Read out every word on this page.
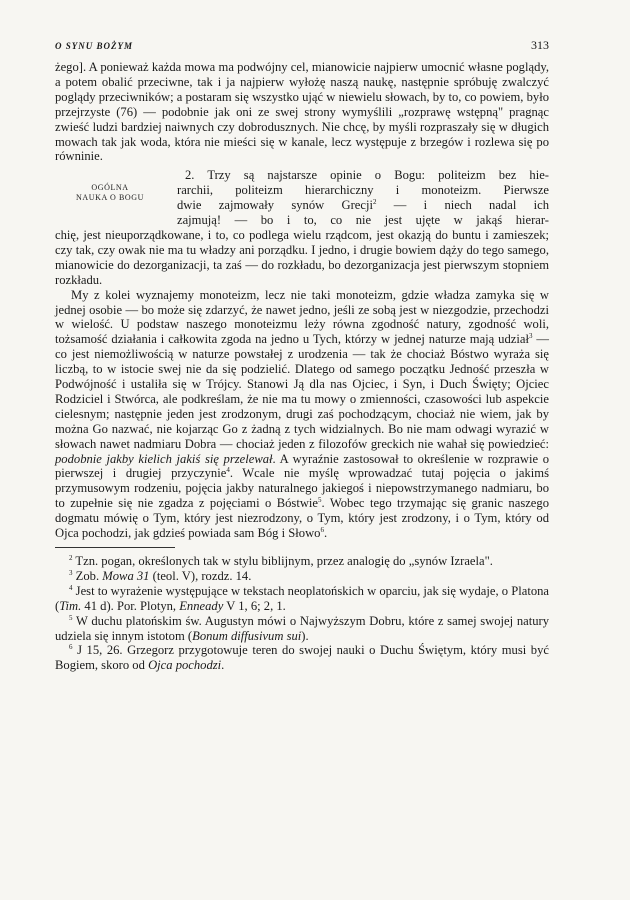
O SYNU BOŻYM	313

żego]. A ponieważ każda mowa ma podwójny cel, mianowicie najpierw umocnić własne poglądy, a potem obalić przeciwne, tak i ja najpierw wyłożę naszą naukę, następnie spróbuję zwalczyć poglądy przeciwników; a postaram się wszystko ująć w niewielu słowach, by to, co powiem, było przejrzyste (76) — podobnie jak oni ze swej strony wymyślili „rozprawę wstępną" pragnąc zwieść ludzi bardziej naiwnych czy dobrodusznych. Nie chcę, by myśli rozpraszały się w długich mowach tak jak woda, która nie mieści się w kanale, lecz występuje z brzegów i rozlewa się po równinie.

OGÓLNA
NAUKA O BOGU

2. Trzy są najstarsze opinie o Bogu: politeizm bez hie-

rarchii, politeizm hierarchiczny i monoteizm. Pierwsze

dwie zajmowały synów Grecji$^2$ — i niech nadal ich

zajmują! — bo i to, co nie jest ujęte w jakąś hierar-

chię, jest nieuporządkowane, i to, co podlega wielu rządcom, jest okazją do buntu i zamieszek; czy tak, czy owak nie ma tu władzy ani porządku. I jedno, i drugie bowiem dąży do tego samego, mianowicie do dezorganizacji, ta zaś — do rozkładu, bo dezorganizacja jest pierwszym stopniem rozkładu.

My z kolei wyznajemy monoteizm, lecz nie taki monoteizm, gdzie władza zamyka się w jednej osobie — bo może się zdarzyć, że nawet jedno, jeśli ze sobą jest w niezgodzie, przechodzi w wielość. U podstaw naszego monoteizmu leży równa zgodność natury, zgodność woli, tożsamość działania i całkowita zgoda na jedno u Tych, którzy w jednej naturze mają udział$^3$ — co jest niemożliwością w naturze powstałej z urodzenia — tak że chociaż Bóstwo wyraża się liczbą, to w istocie swej nie da się podzielić. Dlatego od samego początku Jedność przeszła w Podwójność i ustaliła się w Trójcy. Stanowi Ją dla nas Ojciec, i Syn, i Duch Święty; Ojciec Rodziciel i Stwórca, ale podkreślam, że nie ma tu mowy o zmienności, czasowości lub aspekcie cielesnym; następnie jeden jest zrodzonym, drugi zaś pochodzącym, chociaż nie wiem, jak by można Go nazwać, nie kojarząc Go z żadną z tych widzialnych. Bo nie mam odwagi wyrazić w słowach nawet nadmiaru Dobra — chociaż jeden z filozofów greckich nie wahał się powiedzieć: podobnie jakby kielich jakiś się przelewał. A wyraźnie zastosował to określenie w rozprawie o pierwszej i drugiej przyczynie$^4$. Wcale nie myślę wprowadzać tutaj pojęcia o jakimś przymusowym rodzeniu, pojęcia jakby naturalnego jakiegoś i niepowstrzymanego nadmiaru, bo to zupełnie się nie zgadza z pojęciami o Bóstwie$^5$. Wobec tego trzymając się granic naszego dogmatu mówię o Tym, który jest niezrodzony, o Tym, który jest zrodzony, i o Tym, który od Ojca pochodzi, jak gdzieś powiada sam Bóg i Słowo$^6$.

$^2$ Tzn. pogan, określonych tak w stylu biblijnym, przez analogię do „synów Izraela".

$^3$ Zob. Mowa 31 (teol. V), rozdz. 14.

$^4$ Jest to wyrażenie występujące w tekstach neoplatońskich w oparciu, jak się wydaje, o Platona (Tim. 41 d). Por. Plotyn, Enneady V 1, 6; 2, 1.

$^5$ W duchu platońskim św. Augustyn mówi o Najwyższym Dobru, które z samej swojej natury udziela się innym istotom (Bonum diffusivum sui).

$^6$ J 15, 26. Grzegorz przygotowuje teren do swojej nauki o Duchu Świętym, który musi być Bogiem, skoro od Ojca pochodzi.
